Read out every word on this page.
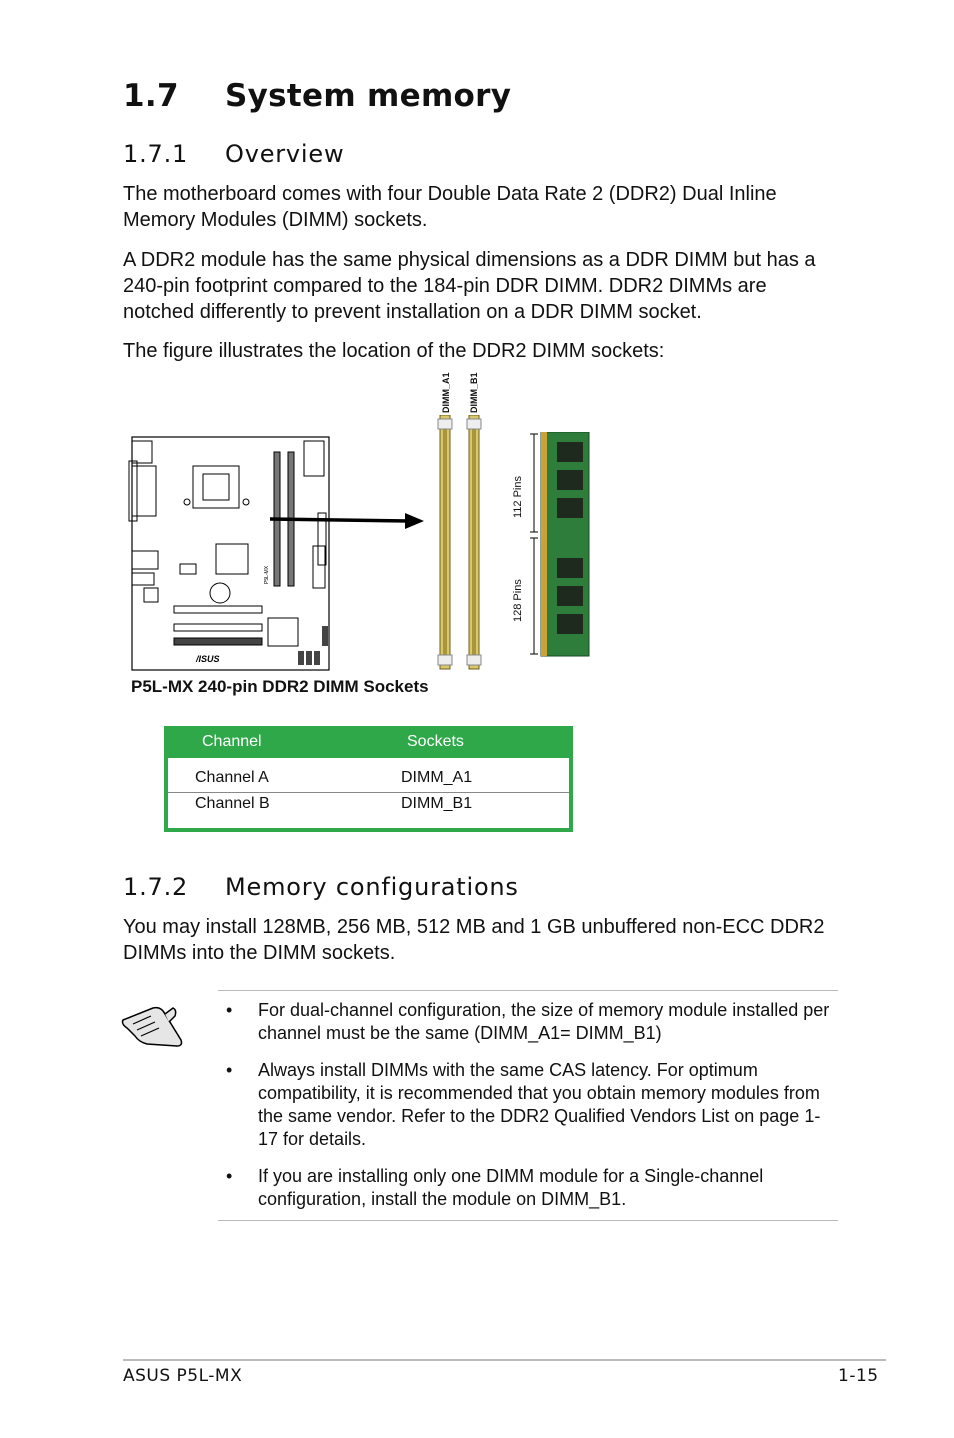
1.7 System memory
1.7.1 Overview

The motherboard comes with four Double Data Rate 2 (DDR2) Dual Inline Memory Modules (DIMM) sockets.

A DDR2 module has the same physical dimensions as a DDR DIMM but has a 240-pin footprint compared to the 184-pin DDR DIMM. DDR2 DIMMs are notched differently to prevent installation on a DDR DIMM socket.

The figure illustrates the location of the DDR2 DIMM sockets:

P5L-MX
/ISUS
DIMM_A1 DIMM_B1
112 Pins
128 Pins
P5L-MX 240-pin DDR2 DIMM Sockets
Channel	Sockets
Channel A	DIMM_A1
Channel B	DIMM_B1
1.7.2 Memory configurations

You may install 128MB, 256 MB, 512 MB and 1 GB unbuffered non-ECC DDR2 DIMMs into the DIMM sockets.

• For dual-channel configuration, the size of memory module installed per channel must be the same (DIMM_A1= DIMM_B1)
• Always install DIMMs with the same CAS latency. For optimum compatibility, it is recommended that you obtain memory modules from the same vendor. Refer to the DDR2 Qualified Vendors List on page 1-17 for details.
• If you are installing only one DIMM module for a Single-channel configuration, install the module on DIMM_B1.
ASUS P5L-MX	1-15
